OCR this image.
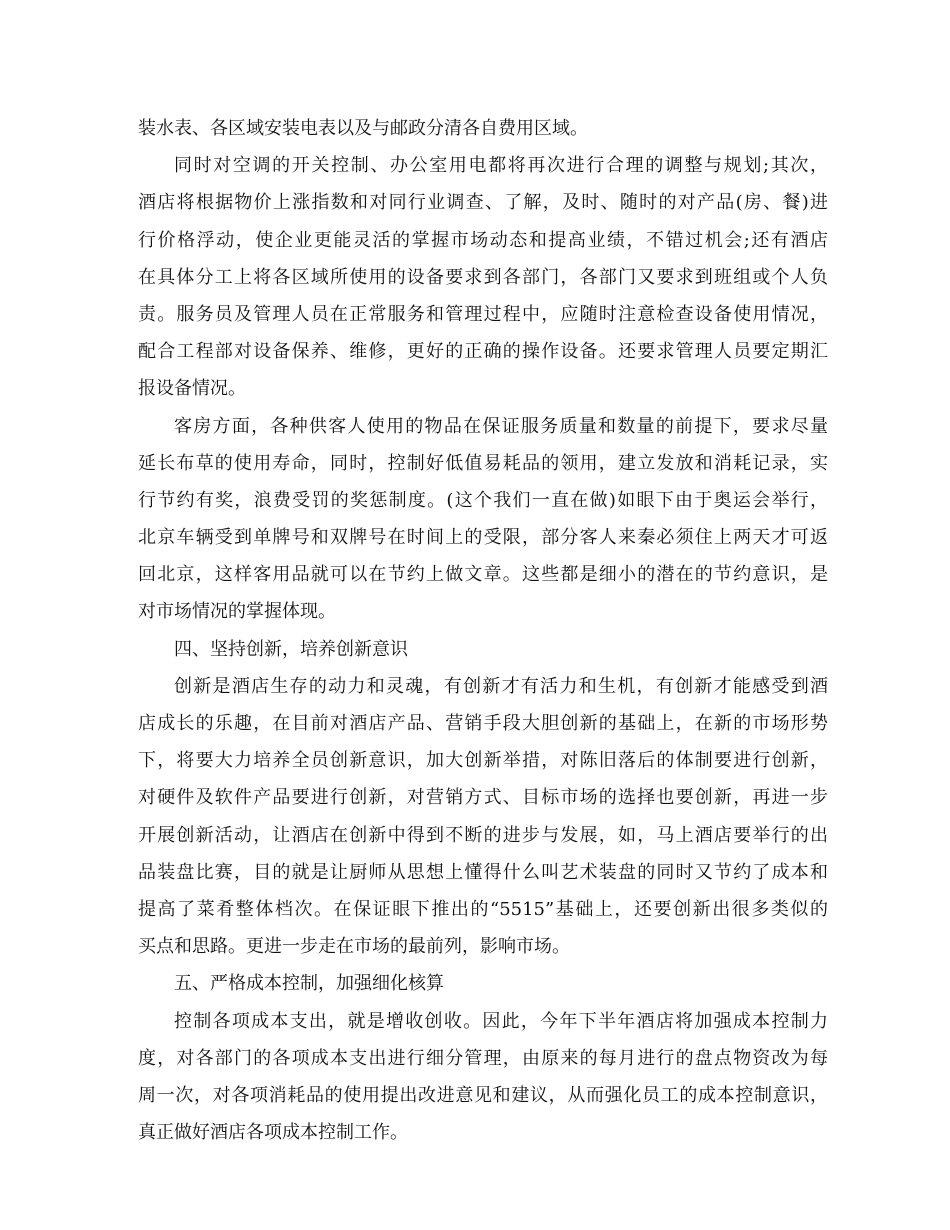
装水表、各区域安装电表以及与邮政分清各自费用区域。
同时对空调的开关控制、办公室用电都将再次进行合理的调整与规划;其次，
酒店将根据物价上涨指数和对同行业调查、了解，及时、随时的对产品(房、餐)进
行价格浮动，使企业更能灵活的掌握市场动态和提高业绩，不错过机会;还有酒店
在具体分工上将各区域所使用的设备要求到各部门，各部门又要求到班组或个人负
责。服务员及管理人员在正常服务和管理过程中，应随时注意检查设备使用情况，
配合工程部对设备保养、维修，更好的正确的操作设备。还要求管理人员要定期汇
报设备情况。
客房方面，各种供客人使用的物品在保证服务质量和数量的前提下，要求尽量
延长布草的使用寿命，同时，控制好低值易耗品的领用，建立发放和消耗记录，实
行节约有奖，浪费受罚的奖惩制度。(这个我们一直在做)如眼下由于奥运会举行，
北京车辆受到单牌号和双牌号在时间上的受限，部分客人来秦必须住上两天才可返
回北京，这样客用品就可以在节约上做文章。这些都是细小的潜在的节约意识，是
对市场情况的掌握体现。
四、坚持创新，培养创新意识
创新是酒店生存的动力和灵魂，有创新才有活力和生机，有创新才能感受到酒
店成长的乐趣，在目前对酒店产品、营销手段大胆创新的基础上，在新的市场形势
下，将要大力培养全员创新意识，加大创新举措，对陈旧落后的体制要进行创新，
对硬件及软件产品要进行创新，对营销方式、目标市场的选择也要创新，再进一步
开展创新活动，让酒店在创新中得到不断的进步与发展，如，马上酒店要举行的出
品装盘比赛，目的就是让厨师从思想上懂得什么叫艺术装盘的同时又节约了成本和
提高了菜肴整体档次。在保证眼下推出的“5515”基础上，还要创新出很多类似的
买点和思路。更进一步走在市场的最前列，影响市场。
五、严格成本控制，加强细化核算
控制各项成本支出，就是增收创收。因此，今年下半年酒店将加强成本控制力
度，对各部门的各项成本支出进行细分管理，由原来的每月进行的盘点物资改为每
周一次，对各项消耗品的使用提出改进意见和建议，从而强化员工的成本控制意识，
真正做好酒店各项成本控制工作。
